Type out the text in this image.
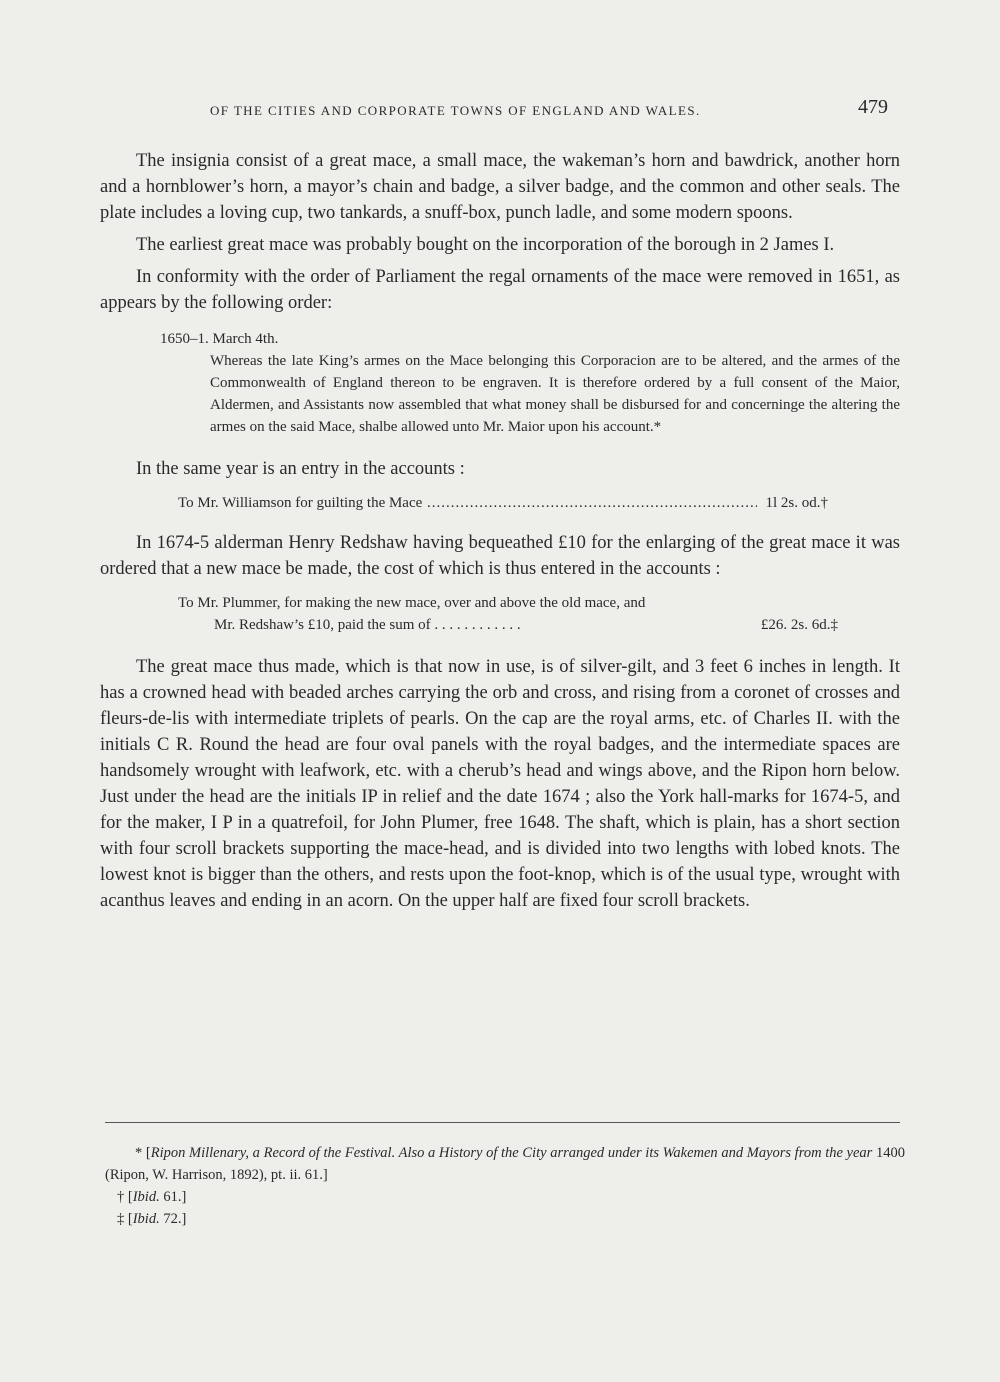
OF THE CITIES AND CORPORATE TOWNS OF ENGLAND AND WALES.	479

The insignia consist of a great mace, a small mace, the wakeman’s horn and bawdrick, another horn and a hornblower’s horn, a mayor’s chain and badge, a silver badge, and the common and other seals. The plate includes a loving cup, two tankards, a snuff-box, punch ladle, and some modern spoons.

The earliest great mace was probably bought on the incorporation of the borough in 2 James I.

In conformity with the order of Parliament the regal ornaments of the mace were removed in 1651, as appears by the following order:

1650–1. March 4th.
Whereas the late King’s armes on the Mace belonging this Corporacion are to be altered, and the armes of the Commonwealth of England thereon to be engraven. It is therefore ordered by a full consent of the Maior, Aldermen, and Assistants now assembled that what money shall be disbursed for and concerninge the altering the armes on the said Mace, shalbe allowed unto Mr. Maior upon his account.*

In the same year is an entry in the accounts :

To Mr. Williamson for guilting the Mace .....	1l 2s. od.†

In 1674-5 alderman Henry Redshaw having bequeathed £10 for the enlarging of the great mace it was ordered that a new mace be made, the cost of which is thus entered in the accounts :

To Mr. Plummer, for making the new mace, over and above the old mace, and
Mr. Redshaw’s £10, paid the sum of . . . . . . . . . . . .	£26. 2s. 6d.‡

The great mace thus made, which is that now in use, is of silver-gilt, and 3 feet 6 inches in length. It has a crowned head with beaded arches carrying the orb and cross, and rising from a coronet of crosses and fleurs-de-lis with intermediate triplets of pearls. On the cap are the royal arms, etc. of Charles II. with the initials C R. Round the head are four oval panels with the royal badges, and the intermediate spaces are handsomely wrought with leafwork, etc. with a cherub’s head and wings above, and the Ripon horn below. Just under the head are the initials IP in relief and the date 1674 ; also the York hall-marks for 1674-5, and for the maker, I P in a quatrefoil, for John Plumer, free 1648. The shaft, which is plain, has a short section with four scroll brackets supporting the mace-head, and is divided into two lengths with lobed knots. The lowest knot is bigger than the others, and rests upon the foot-knop, which is of the usual type, wrought with acanthus leaves and ending in an acorn. On the upper half are fixed four scroll brackets.

* [Ripon Millenary, a Record of the Festival. Also a History of the City arranged under its Wakemen and Mayors from the year 1400 (Ripon, W. Harrison, 1892), pt. ii. 61.]
† [Ibid. 61.]
‡ [Ibid. 72.]
